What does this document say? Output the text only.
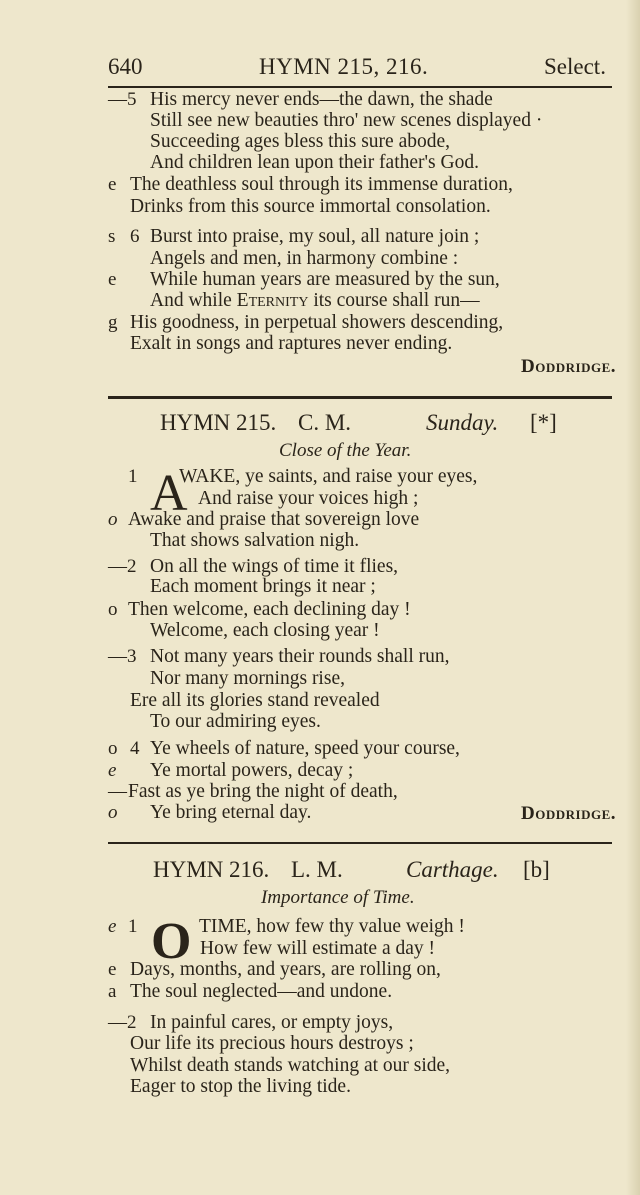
640	HYMN 215, 216.	Select.
—5 His mercy never ends—the dawn, the shade
Still see new beauties thro' new scenes displayed ·
Succeeding ages bless this sure abode,
And children lean upon their father's God.
e The deathless soul through its immense duration,
Drinks from this source immortal consolation.
s 6 Burst into praise, my soul, all nature join ;
Angels and men, in harmony combine :
e While human years are measured by the sun,
And while Eternity its course shall run—
g His goodness, in perpetual showers descending,
Exalt in songs and raptures never ending.
Doddridge.
HYMN 215. C. M.	Sunday. [*]
Close of the Year.
1 A
WAKE, ye saints, and raise your eyes,
And raise your voices high ;
o Awake and praise that sovereign love
That shows salvation nigh.
—2 On all the wings of time it flies,
Each moment brings it near ;
o Then welcome, each declining day !
Welcome, each closing year !
—3 Not many years their rounds shall run,
Nor many mornings rise,
Ere all its glories stand revealed
To our admiring eyes.
o 4 Ye wheels of nature, speed your course,
e Ye mortal powers, decay ;
— Fast as ye bring the night of death,
o Ye bring eternal day.	Doddridge.
HYMN 216. L. M.	Carthage. [b]
Importance of Time.
e 1 O TIME, how few thy value weigh !
How few will estimate a day !
e Days, months, and years, are rolling on,
a The soul neglected—and undone.
—2 In painful cares, or empty joys,
Our life its precious hours destroys ;
Whilst death stands watching at our side,
Eager to stop the living tide.
